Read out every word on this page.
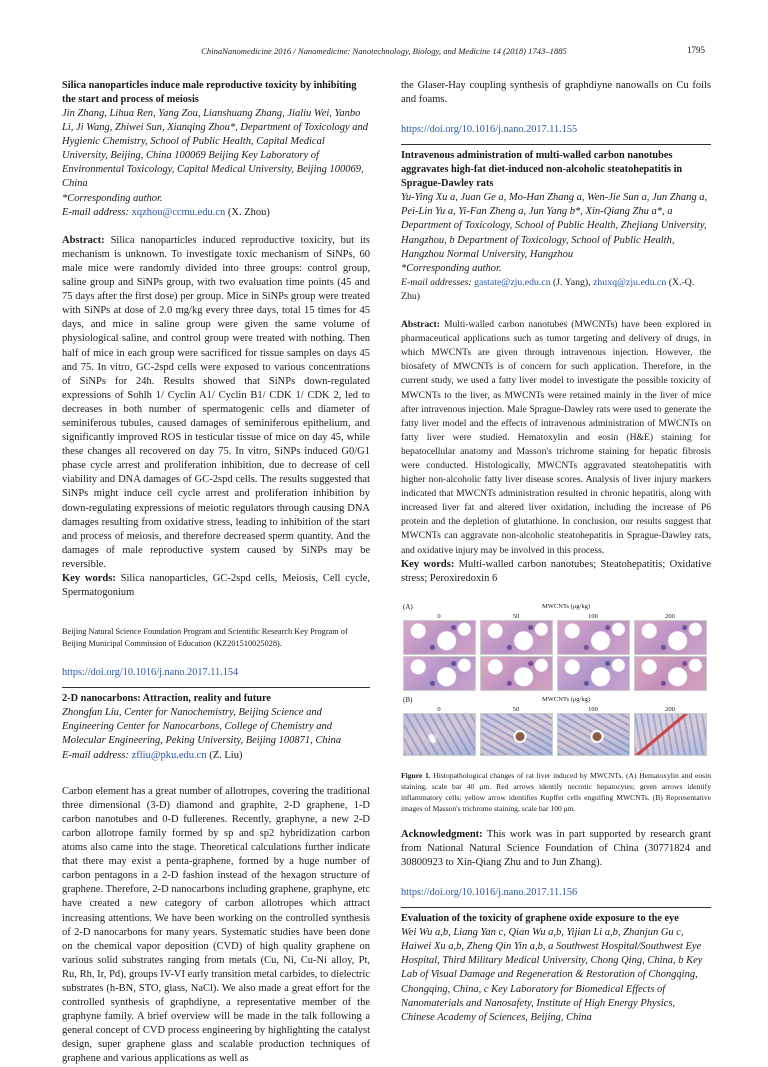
ChinaNanomedicine 2016 / Nanomedicine: Nanotechnology, Biology, and Medicine 14 (2018) 1743–1885	1795

Silica nanoparticles induce male reproductive toxicity by inhibiting the start and process of meiosis

Jin Zhang, Lihua Ren, Yang Zou, Lianshuang Zhang, Jialiu Wei, Yanbo Li, Ji Wang, Zhiwei Sun, Xianqing Zhou*, Department of Toxicology and Hygienic Chemistry, School of Public Health, Capital Medical University, Beijing, China 100069 Beijing Key Laboratory of Environmental Toxicology, Capital Medical University, Beijing 100069, China

*Corresponding author.

E-mail address: xqzhou@ccmu.edu.cn (X. Zhou)

Abstract: Silica nanoparticles induced reproductive toxicity, but its mechanism is unknown. To investigate toxic mechanism of SiNPs, 60 male mice were randomly divided into three groups: control group, saline group and SiNPs group, with two evaluation time points (45 and 75 days after the first dose) per group. Mice in SiNPs group were treated with SiNPs at dose of 2.0 mg/kg every three days, total 15 times for 45 days, and mice in saline group were given the same volume of physiological saline, and control group were treated with nothing. Then half of mice in each group were sacrificed for tissue samples on days 45 and 75. In vitro, GC-2spd cells were exposed to various concentrations of SiNPs for 24h. Results showed that SiNPs down-regulated expressions of Sohlh 1/ Cyclin A1/ Cyclin B1/ CDK 1/ CDK 2, led to decreases in both number of spermatogenic cells and diameter of seminiferous tubules, caused damages of seminiferous epithelium, and significantly improved ROS in testicular tissue of mice on day 45, while these changes all recovered on day 75. In vitro, SiNPs induced G0/G1 phase cycle arrest and proliferation inhibition, due to decrease of cell viability and DNA damages of GC-2spd cells. The results suggested that SiNPs might induce cell cycle arrest and proliferation inhibition by down-regulating expressions of meiotic regulators through causing DNA damages resulting from oxidative stress, leading to inhibition of the start and process of meiosis, and therefore decreased sperm quantity. And the damages of male reproductive system caused by SiNPs may be reversible.

Key words: Silica nanoparticles, GC-2spd cells, Meiosis, Cell cycle, Spermatogonium

Beijing Natural Science Foundation Program and Scientific Research Key Program of Beijing Municipal Commission of Education (KZ201510025028).

https://doi.org/10.1016/j.nano.2017.11.154

2-D nanocarbons: Attraction, reality and future

Zhongfan Liu, Center for Nanochemistry, Beijing Science and Engineering Center for Nanocarbons, College of Chemistry and Molecular Engineering, Peking University, Beijing 100871, China

E-mail address: zfliu@pku.edu.cn (Z. Liu)

Carbon element has a great number of allotropes, covering the traditional three dimensional (3-D) diamond and graphite, 2-D graphene, 1-D carbon nanotubes and 0-D fullerenes. Recently, graphyne, a new 2-D carbon allotrope family formed by sp and sp2 hybridization carbon atoms also came into the stage. Theoretical calculations further indicate that there may exist a penta-graphene, formed by a huge number of carbon pentagons in a 2-D fashion instead of the hexagon structure of graphene. Therefore, 2-D nanocarbons including graphene, graphyne, etc have created a new category of carbon allotropes which attract increasing attentions. We have been working on the controlled synthesis of 2-D nanocarbons for many years. Systematic studies have been done on the chemical vapor deposition (CVD) of high quality graphene on various solid substrates ranging from metals (Cu, Ni, Cu-Ni alloy, Pt, Ru, Rh, Ir, Pd), groups IV-VI early transition metal carbides, to dielectric substrates (h-BN, STO, glass, NaCl). We also made a great effort for the controlled synthesis of graphdiyne, a representative member of the graphyne family. A brief overview will be made in the talk following a general concept of CVD process engineering by highlighting the catalyst design, super graphene glass and scalable production techniques of graphene and various applications as well as

the Glaser-Hay coupling synthesis of graphdiyne nanowalls on Cu foils and foams.

https://doi.org/10.1016/j.nano.2017.11.155

Intravenous administration of multi-walled carbon nanotubes aggravates high-fat diet-induced non-alcoholic steatohepatitis in Sprague-Dawley rats

Yu-Ying Xu a, Juan Ge a, Mo-Han Zhang a, Wen-Jie Sun a, Jun Zhang a, Pei-Lin Yu a, Yi-Fan Zheng a, Jun Yang b*, Xin-Qiang Zhu a*, a Department of Toxicology, School of Public Health, Zhejiang University, Hangzhou, b Department of Toxicology, School of Public Health, Hangzhou Normal University, Hangzhou

*Corresponding author.

E-mail addresses: gastate@zju.edu.cn (J. Yang), zhuxq@zju.edu.cn (X.-Q. Zhu)

Abstract: Multi-walled carbon nanotubes (MWCNTs) have been explored in pharmaceutical applications such as tumor targeting and delivery of drugs, in which MWCNTs are given through intravenous injection. However, the biosafety of MWCNTs is of concern for such application. Therefore, in the current study, we used a fatty liver model to investigate the possible toxicity of MWCNTs to the liver, as MWCNTs were retained mainly in the liver of mice after intravenous injection. Male Sprague-Dawley rats were used to generate the fatty liver model and the effects of intravenous administration of MWCNTs on fatty liver were studied. Hematoxylin and eosin (H&E) staining for hepatocellular anatomy and Masson's trichrome staining for hepatic fibrosis were conducted. Histologically, MWCNTs aggravated steatohepatitis with higher non-alcoholic fatty liver disease scores. Analysis of liver injury markers indicated that MWCNTs administration resulted in chronic hepatitis, along with increased liver fat and altered liver oxidation, including the increase of P6 protein and the depletion of glutathione. In conclusion, our results suggest that MWCNTs can aggravate non-alcoholic steatohepatitis in Sprague-Dawley rats, and oxidative injury may be involved in this process.

Key words: Multi-walled carbon nanotubes; Steatohepatitis; Oxidative stress; Peroxiredoxin 6

(A)	MWCNTs (μg/kg)
0	50	100	200
(B)	MWCNTs (μg/kg)
0	50	100	200

Figure 1. Histopathological changes of rat liver induced by MWCNTs. (A) Hematoxylin and eosin staining, scale bar 40 μm. Red arrows identify necrotic hepatocytes; green arrows identify inflammatory cells; yellow arrow identifies Kupffer cells engulfing MWCNTs. (B) Representative images of Masson's trichrome staining, scale bar 100 μm.

Acknowledgment: This work was in part supported by research grant from National Natural Science Foundation of China (30771824 and 30800923 to Xin-Qiang Zhu and to Jun Zhang).

https://doi.org/10.1016/j.nano.2017.11.156

Evaluation of the toxicity of graphene oxide exposure to the eye

Wei Wu a,b, Liang Yan c, Qian Wu a,b, Yijian Li a,b, Zhanjun Gu c, Haiwei Xu a,b, Zheng Qin Yin a,b, a Southwest Hospital/Southwest Eye Hospital, Third Military Medical University, Chong Qing, China, b Key Lab of Visual Damage and Regeneration & Restoration of Chongqing, Chongqing, China, c Key Laboratory for Biomedical Effects of Nanomaterials and Nanosafety, Institute of High Energy Physics, Chinese Academy of Sciences, Beijing, China
